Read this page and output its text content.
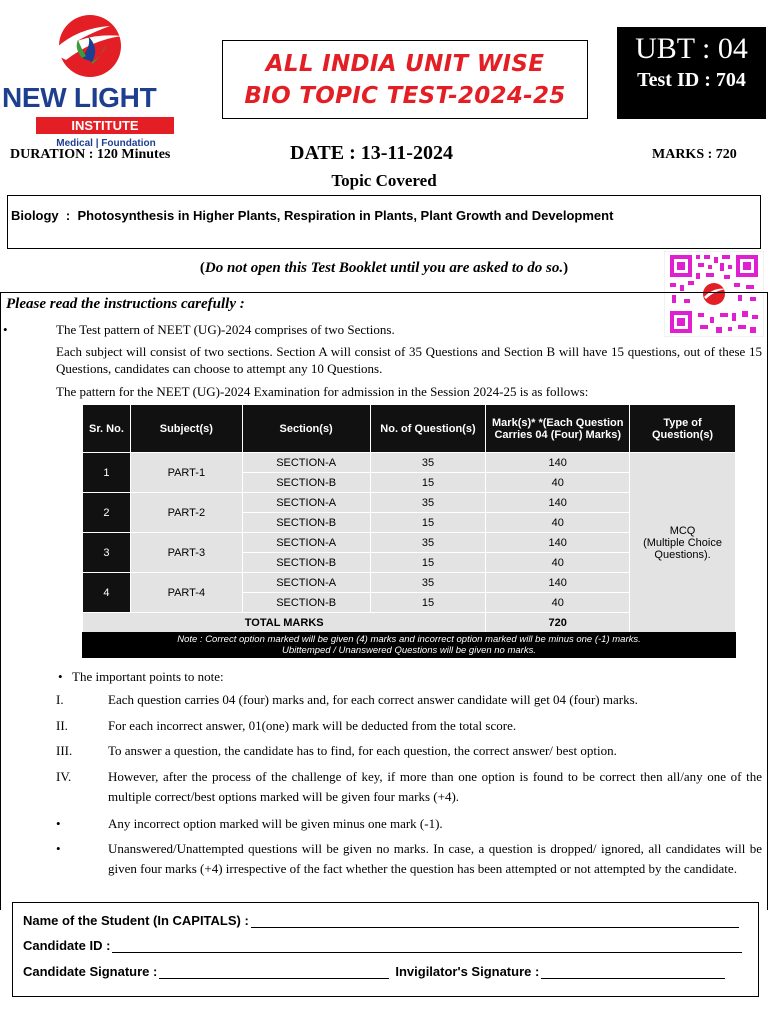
NEW LIGHT
INSTITUTE
Medical | Foundation
ALL INDIA UNIT WISE
BIO TOPIC TEST-2024-25
UBT : 04
Test ID : 704
DURATION : 120 Minutes	DATE : 13-11-2024	MARKS : 720
Topic Covered
Biology  :  Photosynthesis in Higher Plants, Respiration in Plants, Plant Growth and Development
(Do not open this Test Booklet until you are asked to do so.)
Please read the instructions carefully :
•	The Test pattern of NEET (UG)-2024 comprises of two Sections.
Each subject will consist of two sections. Section A will consist of 35 Questions and Section B will have 15 questions, out of these 15 Questions, candidates can choose to attempt any 10 Questions.
The pattern for the NEET (UG)-2024 Examination for admission in the Session 2024-25 is as follows:
Sr. No.	Subject(s)	Section(s)	No. of Question(s)	Mark(s)* *(Each Question Carries 04 (Four) Marks)	Type of Question(s)
1	PART-1	SECTION-A	35	140	MCQ
(Multiple Choice
Questions).

		SECTION-B	15	40	
2	PART-2	SECTION-A	35	140	
		SECTION-B	15	40	
3	PART-3	SECTION-A	35	140	
		SECTION-B	15	40	
4	PART-4	SECTION-A	35	140	
		SECTION-B	15	40	
TOTAL MARKS				720	
Note : Correct option marked will be given (4) marks and incorrect option marked will be minus one (-1) marks.
Ubittemped / Unanswered Questions will be given no marks.
• The important points to note:
I.	Each question carries 04 (four) marks and, for each correct answer candidate will get 04 (four) marks.
II.	For each incorrect answer, 01(one) mark will be deducted from the total score.
III.	To answer a question, the candidate has to find, for each question, the correct answer/ best option.
IV.	However, after the process of the challenge of key, if more than one option is found to be correct then all/any one of the multiple correct/best options marked will be given four marks (+4).
•	Any incorrect option marked will be given minus one mark (-1).
•	Unanswered/Unattempted questions will be given no marks. In case, a question is dropped/ ignored, all candidates will be given four marks (+4) irrespective of the fact whether the question has been attempted or not attempted by the candidate.
Name of the Student (In CAPITALS) :
Candidate ID :
Candidate Signature :	Invigilator's Signature :
